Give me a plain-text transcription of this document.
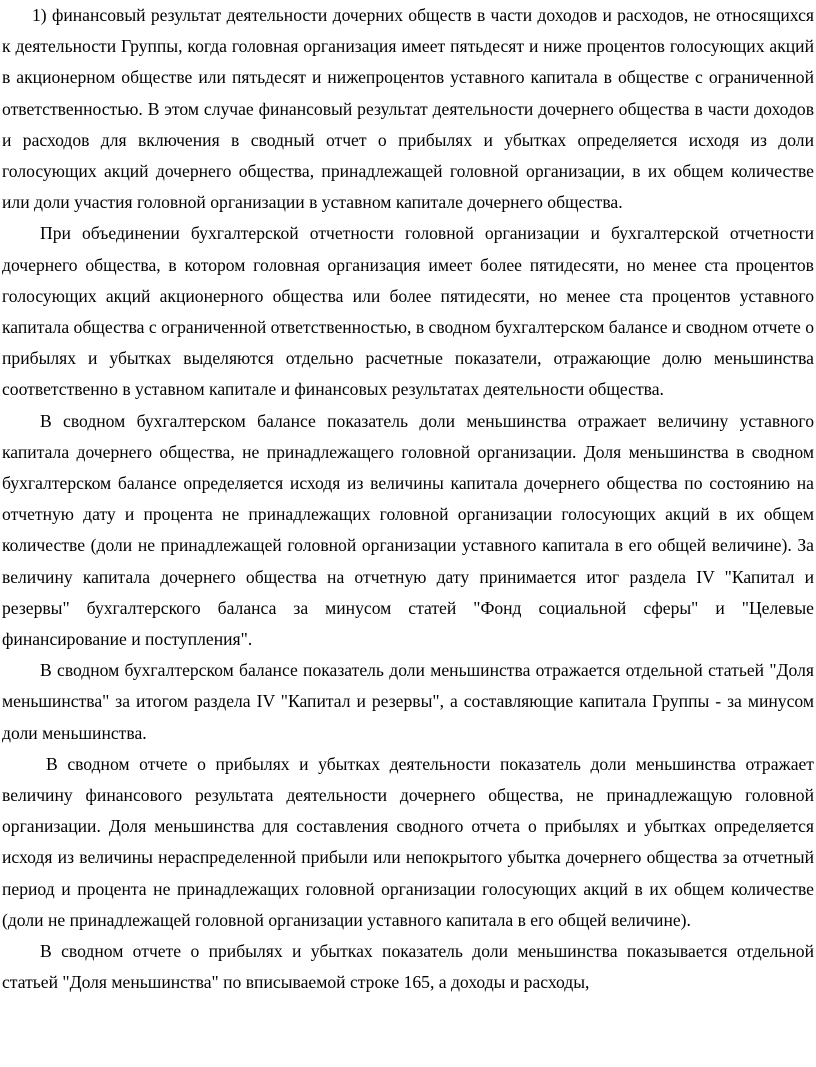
1) финансовый результат деятельности дочерних обществ в части доходов и расходов, не относящихся к деятельности Группы, когда головная организация имеет пятьдесят и ниже процентов голосующих акций в акционерном обществе или пятьдесят и нижепроцентов уставного капитала в обществе с ограниченной ответственностью. В этом случае финансовый результат деятельности дочернего общества в части доходов и расходов для включения в сводный отчет о прибылях и убытках определяется исходя из доли голосующих акций дочернего общества, принадлежащей головной организации, в их общем количестве или доли участия головной организации в уставном капитале дочернего общества.

При объединении бухгалтерской отчетности головной организации и бухгалтерской отчетности дочернего общества, в котором головная организация имеет более пятидесяти, но менее ста процентов голосующих акций акционерного общества или более пятидесяти, но менее ста процентов уставного капитала общества с ограниченной ответственностью, в сводном бухгалтерском балансе и сводном отчете о прибылях и убытках выделяются отдельно расчетные показатели, отражающие долю меньшинства соответственно в уставном капитале и финансовых результатах деятельности общества.

В сводном бухгалтерском балансе показатель доли меньшинства отражает величину уставного капитала дочернего общества, не принадлежащего головной организации. Доля меньшинства в сводном бухгалтерском балансе определяется исходя из величины капитала дочернего общества по состоянию на отчетную дату и процента не принадлежащих головной организации голосующих акций в их общем количестве (доли не принадлежащей головной организации уставного капитала в его общей величине). За величину капитала дочернего общества на отчетную дату принимается итог раздела IV "Капитал и резервы" бухгалтерского баланса за минусом статей "Фонд социальной сферы" и "Целевые финансирование и поступления".

В сводном бухгалтерском балансе показатель доли меньшинства отражается отдельной статьей "Доля меньшинства" за итогом раздела IV "Капитал и резервы", а составляющие капитала Группы - за минусом доли меньшинства.

В сводном отчете о прибылях и убытках деятельности показатель доли меньшинства отражает величину финансового результата деятельности дочернего общества, не принадлежащую головной организации. Доля меньшинства для составления сводного отчета о прибылях и убытках определяется исходя из величины нераспределенной прибыли или непокрытого убытка дочернего общества за отчетный период и процента не принадлежащих головной организации голосующих акций в их общем количестве (доли не принадлежащей головной организации уставного капитала в его общей величине).

В сводном отчете о прибылях и убытках показатель доли меньшинства показывается отдельной статьей "Доля меньшинства" по вписываемой строке 165, а доходы и расходы,
